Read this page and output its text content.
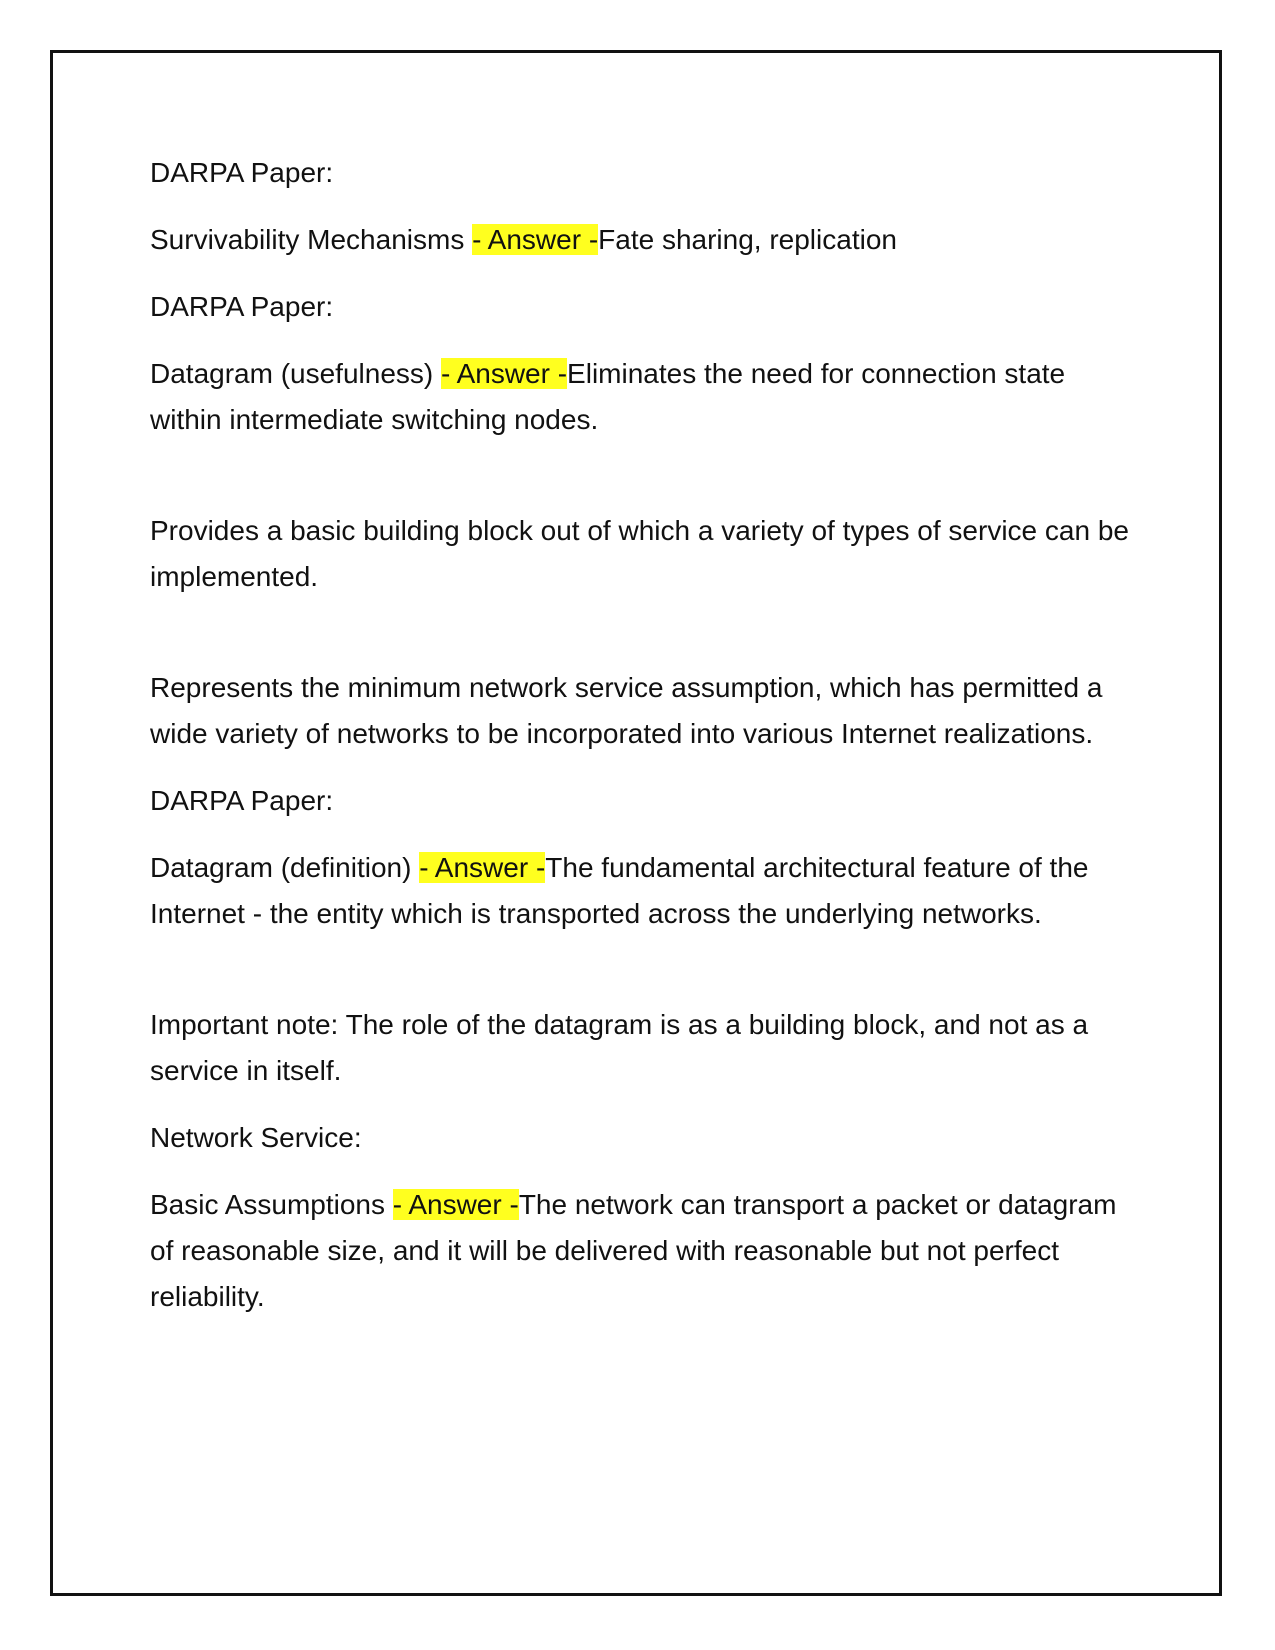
DARPA Paper:

Survivability Mechanisms - Answer -Fate sharing, replication

DARPA Paper:

Datagram (usefulness) - Answer -Eliminates the need for connection state within intermediate switching nodes.

Provides a basic building block out of which a variety of types of service can be implemented.

Represents the minimum network service assumption, which has permitted a wide variety of networks to be incorporated into various Internet realizations.

DARPA Paper:

Datagram (definition) - Answer -The fundamental architectural feature of the Internet - the entity which is transported across the underlying networks.

Important note: The role of the datagram is as a building block, and not as a service in itself.

Network Service:

Basic Assumptions - Answer -The network can transport a packet or datagram of reasonable size, and it will be delivered with reasonable but not perfect reliability.
